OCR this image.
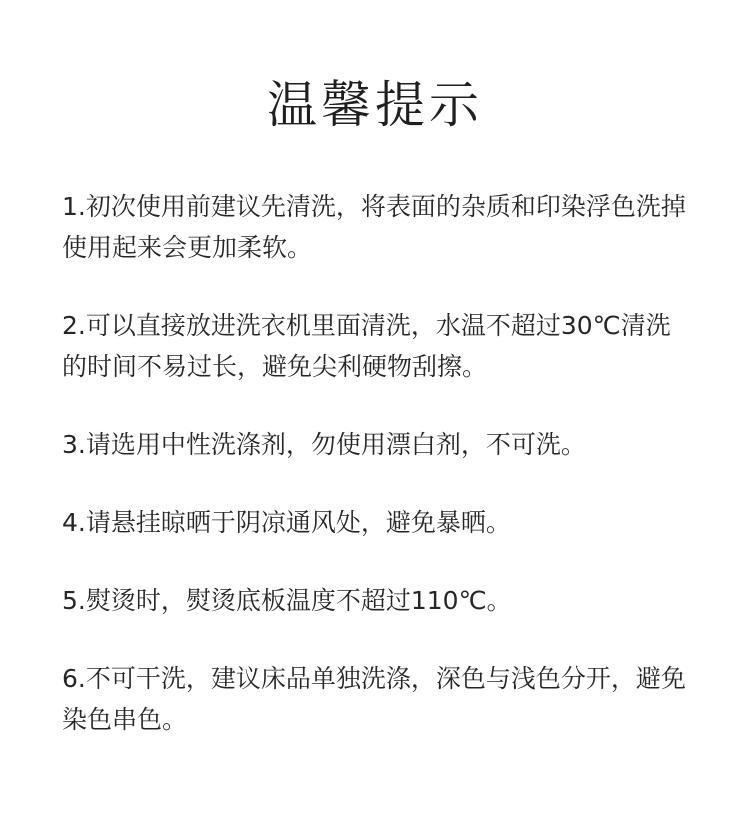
温馨提示
1.初次使用前建议先清洗，将表面的杂质和印染浮色洗掉使用起来会更加柔软。
2.可以直接放进洗衣机里面清洗，水温不超过30℃清洗的时间不易过长，避免尖利硬物刮擦。
3.请选用中性洗涤剂，勿使用漂白剂，不可洗。
4.请悬挂晾晒于阴凉通风处，避免暴晒。
5.熨烫时，熨烫底板温度不超过110℃。
6.不可干洗，建议床品单独洗涤，深色与浅色分开，避免染色串色。
